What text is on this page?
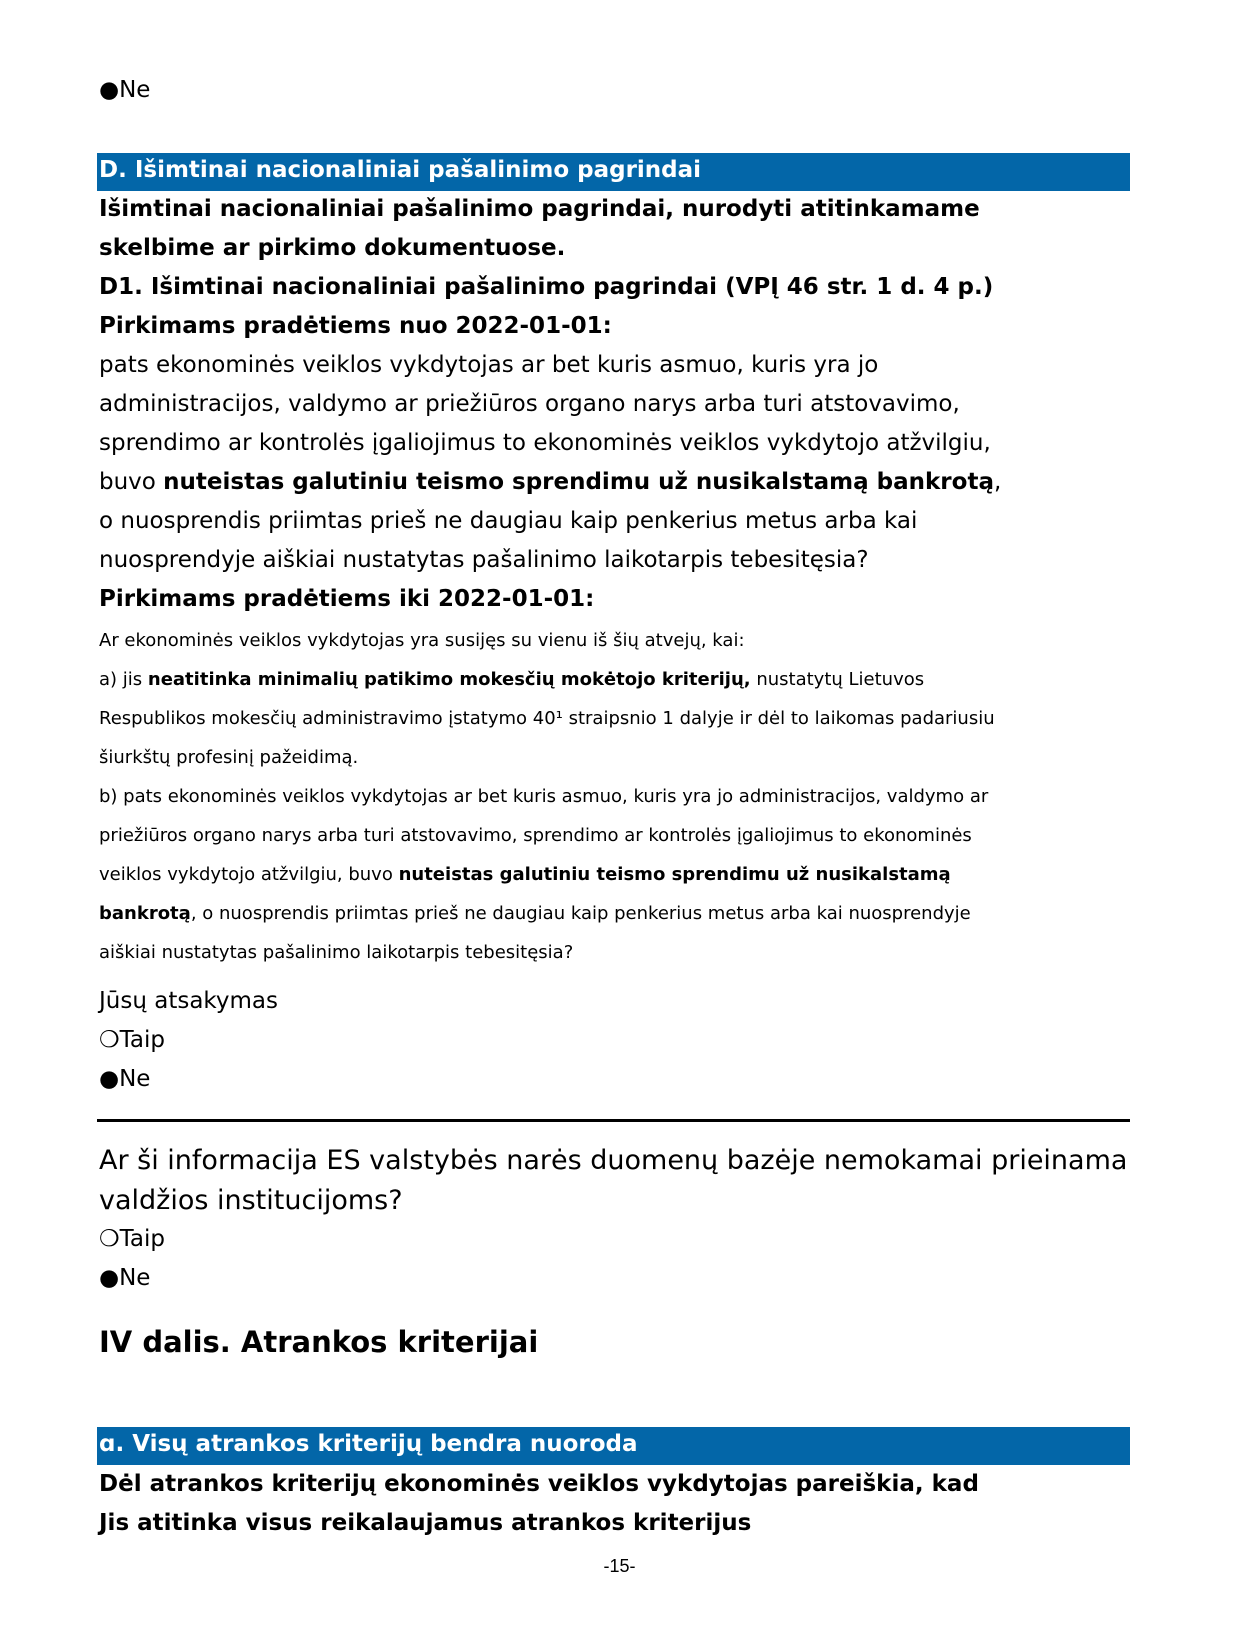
●Ne
D. Išimtinai nacionaliniai pašalinimo pagrindai
Išimtinai nacionaliniai pašalinimo pagrindai, nurodyti atitinkamame
skelbime ar pirkimo dokumentuose.
D1. Išimtinai nacionaliniai pašalinimo pagrindai (VPĮ 46 str. 1 d. 4 p.)
Pirkimams pradėtiems nuo 2022-01-01:
pats ekonominės veiklos vykdytojas ar bet kuris asmuo, kuris yra jo
administracijos, valdymo ar priežiūros organo narys arba turi atstovavimo,
sprendimo ar kontrolės įgaliojimus to ekonominės veiklos vykdytojo atžvilgiu,
buvo nuteistas galutiniu teismo sprendimu už nusikalstamą bankrotą,
o nuosprendis priimtas prieš ne daugiau kaip penkerius metus arba kai
nuosprendyje aiškiai nustatytas pašalinimo laikotarpis tebesitęsia?
Pirkimams pradėtiems iki 2022-01-01:
Ar ekonominės veiklos vykdytojas yra susijęs su vienu iš šių atvejų, kai:
a) jis neatitinka minimalių patikimo mokesčių mokėtojo kriterijų, nustatytų Lietuvos
Respublikos mokesčių administravimo įstatymo 40¹ straipsnio 1 dalyje ir dėl to laikomas padariusiu
šiurkštų profesinį pažeidimą.
b) pats ekonominės veiklos vykdytojas ar bet kuris asmuo, kuris yra jo administracijos, valdymo ar
priežiūros organo narys arba turi atstovavimo, sprendimo ar kontrolės įgaliojimus to ekonominės
veiklos vykdytojo atžvilgiu, buvo nuteistas galutiniu teismo sprendimu už nusikalstamą
bankrotą, o nuosprendis priimtas prieš ne daugiau kaip penkerius metus arba kai nuosprendyje
aiškiai nustatytas pašalinimo laikotarpis tebesitęsia?
Jūsų atsakymas
❍Taip
●Ne
Ar ši informacija ES valstybės narės duomenų bazėje nemokamai prieinama
valdžios institucijoms?
❍Taip
●Ne
IV dalis. Atrankos kriterijai
ɑ. Visų atrankos kriterijų bendra nuoroda
Dėl atrankos kriterijų ekonominės veiklos vykdytojas pareiškia, kad
Jis atitinka visus reikalaujamus atrankos kriterijus
-15-
